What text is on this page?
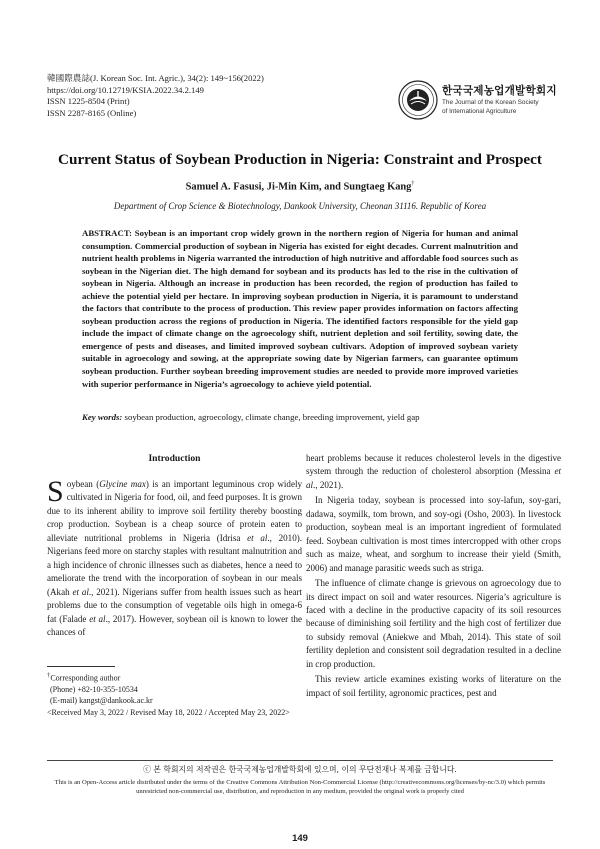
韓國際農誌(J. Korean Soc. Int. Agric.), 34(2): 149~156(2022)
https://doi.org/10.12719/KSIA.2022.34.2.149
ISSN 1225-8504 (Print)
ISSN 2287-8165 (Online)
한국국제농업개발학회지
The Journal of the Korean Society
of International Agriculture
Current Status of Soybean Production in Nigeria: Constraint and Prospect
Samuel A. Fasusi, Ji-Min Kim, and Sungtaeg Kang†
Department of Crop Science & Biotechnology, Dankook University, Cheonan 31116. Republic of Korea
ABSTRACT: Soybean is an important crop widely grown in the northern region of Nigeria for human and animal consumption. Commercial production of soybean in Nigeria has existed for eight decades. Current malnutrition and nutrient health problems in Nigeria warranted the introduction of high nutritive and affordable food sources such as soybean in the Nigerian diet. The high demand for soybean and its products has led to the rise in the cultivation of soybean in Nigeria. Although an increase in production has been recorded, the region of production has failed to achieve the potential yield per hectare. In improving soybean production in Nigeria, it is paramount to understand the factors that contribute to the process of production. This review paper provides information on factors affecting soybean production across the regions of production in Nigeria. The identified factors responsible for the yield gap include the impact of climate change on the agroecology shift, nutrient depletion and soil fertility, sowing date, the emergence of pests and diseases, and limited improved soybean cultivars. Adoption of improved soybean variety suitable in agroecology and sowing, at the appropriate sowing date by Nigerian farmers, can guarantee optimum soybean production. Further soybean breeding improvement studies are needed to provide more improved varieties with superior performance in Nigeria’s agroecology to achieve yield potential.
Key words: soybean production, agroecology, climate change, breeding improvement, yield gap
Introduction

Soybean (Glycine max) is an important leguminous crop widely cultivated in Nigeria for food, oil, and feed purposes. It is grown due to its inherent ability to improve soil fertility thereby boosting crop production. Soybean is a cheap source of protein eaten to alleviate nutritional problems in Nigeria (Idrisa et al., 2010). Nigerians feed more on starchy staples with resultant malnutrition and a high incidence of chronic illnesses such as diabetes, hence a need to ameliorate the trend with the incorporation of soybean in our meals (Akah et al., 2021). Nigerians suffer from health issues such as heart problems due to the consumption of vegetable oils high in omega-6 fat (Falade et al., 2017). However, soybean oil is known to lower the chances of

heart problems because it reduces cholesterol levels in the digestive system through the reduction of cholesterol absorption (Messina et al., 2021).

In Nigeria today, soybean is processed into soy-lafun, soy-gari, dadawa, soymilk, tom brown, and soy-ogi (Osho, 2003). In livestock production, soybean meal is an important ingredient of formulated feed. Soybean cultivation is most times intercropped with other crops such as maize, wheat, and sorghum to increase their yield (Smith, 2006) and manage parasitic weeds such as striga.

The influence of climate change is grievous on agroecology due to its direct impact on soil and water resources. Nigeria’s agriculture is faced with a decline in the productive capacity of its soil resources because of diminishing soil fertility and the high cost of fertilizer due to subsidy removal (Aniekwe and Mbah, 2014). This state of soil fertility depletion and consistent soil degradation resulted in a decline in crop production.

This review article examines existing works of literature on the impact of soil fertility, agronomic practices, pest and

†Corresponding author
(Phone) +82-10-355-10534
(E-mail) kangst@dankook.ac.kr
<Received May 3, 2022 / Revised May 18, 2022 / Accepted May 23, 2022>
ⓒ 본 학회지의 저작권은 한국국제농업개발학회에 있으며, 이의 무단전재나 복제를 금합니다.
This is an Open-Access article distributed under the terms of the Creative Commons Attribution Non-Commercial License (http://creativecommons.org/licenses/by-nc/3.0) which permits unrestricted non-commercial use, distribution, and reproduction in any medium, provided the original work is properly cited
149
